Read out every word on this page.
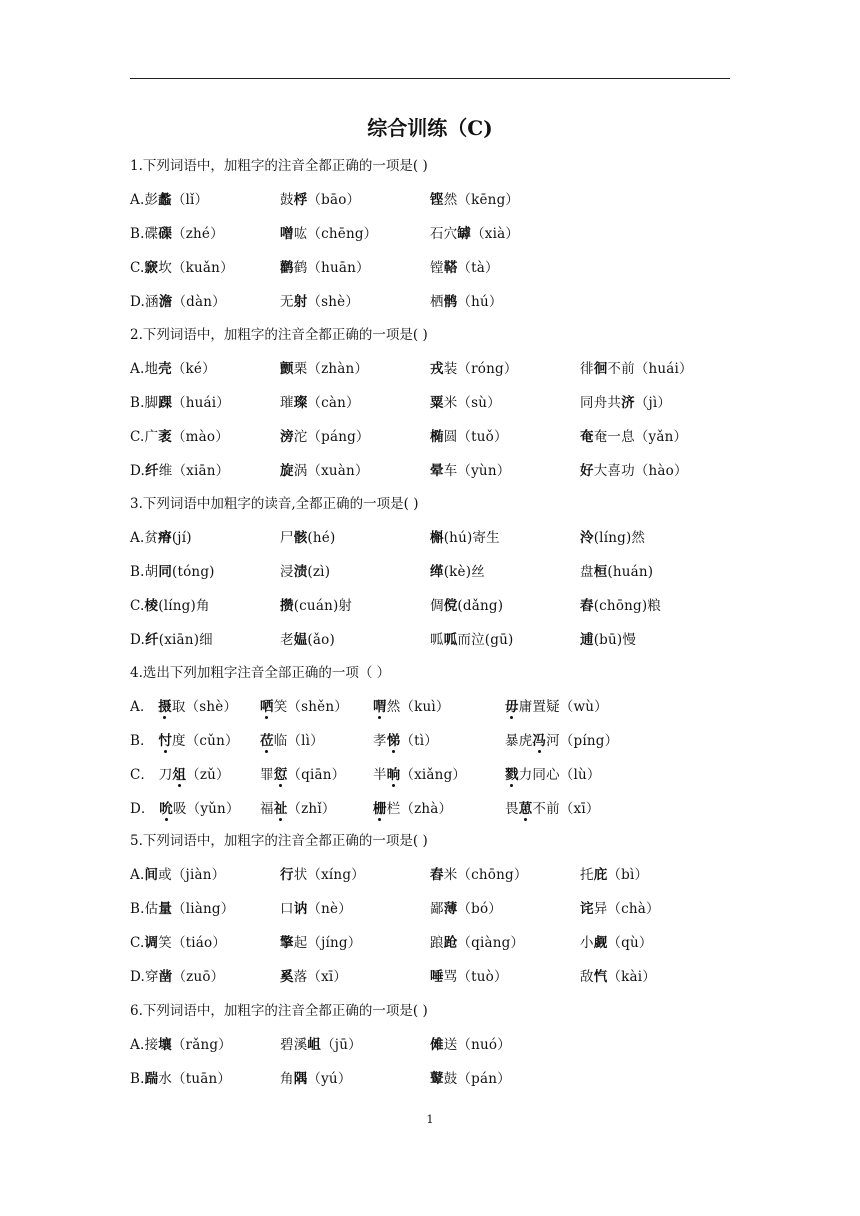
综合训练（C)
1.下列词语中，加粗字的注音全都正确的一项是( )
A.彭蠡（lǐ）	鼓桴（bāo）	铿然（kēng）
B.碟磲（zhé）	噌吰（chēng）	石穴罅（xià）
C.窾坎（kuǎn）	鹳鹤（huān）	镗鞳（tà）
D.涵澹（dàn）	无射（shè）	栖鹘（hú）
2.下列词语中，加粗字的注音全都正确的一项是( )
A.地壳（ké）	颤栗（zhàn）	戎装（róng）	徘徊不前（huái）
B.脚踝（huái）	璀璨（càn）	粟米（sù）	同舟共济（jì）
C.广袤（mào）	滂沱（páng）	椭圆（tuǒ）	奄奄一息（yǎn）
D.纤维（xiān）	旋涡（xuàn）	晕车（yùn）	好大喜功（hào）
3.下列词语中加粗字的读音,全都正确的一项是( )
A.贫瘠(jí)	尸骸(hé)	槲(hú)寄生	泠(líng)然
B.胡同(tóng)	浸渍(zì)	缂(kè)丝	盘桓(huán)
C.棱(líng)角	攒(cuán)射	倜傥(dǎng)	舂(chōng)粮
D.纤(xiān)细	老媪(ǎo)	呱呱而泣(gū)	逋(bū)慢
4.选出下列加粗字注音全部正确的一项（ ）
A． 摄取（shè） 哂笑（shěn） 喟然（kuì）	毋庸置疑（wù）
B． 忖度（cǔn） 莅临（lì）	孝悌（tì）	暴虎冯河（píng）
C． 刀俎（zǔ） 罪愆（qiān） 半晌（xiǎng）	戮力同心（lù）
D． 吮吸（yǔn） 福祉（zhǐ）	栅栏（zhà）	畏葸不前（xī）
5.下列词语中，加粗字的注音全都正确的一项是( )
A.间或（jiàn）	行状（xíng）	舂米（chōng）	托庇（bì）
B.估量（liàng）	口讷（nè）	鄙薄（bó）	诧异（chà）
C.调笑（tiáo）	擎起（jíng）	踉跄（qiàng）	小觑（qù）
D.穿凿（zuō）	奚落（xī）	唾骂（tuò）	敌忾（kài）
6.下列词语中，加粗字的注音全都正确的一项是( )
A.接壤（rǎng）	碧溪岨（jū）	傩送（nuó）
B.踹水（tuān）	角隅（yú）	鼙鼓（pán）
1
